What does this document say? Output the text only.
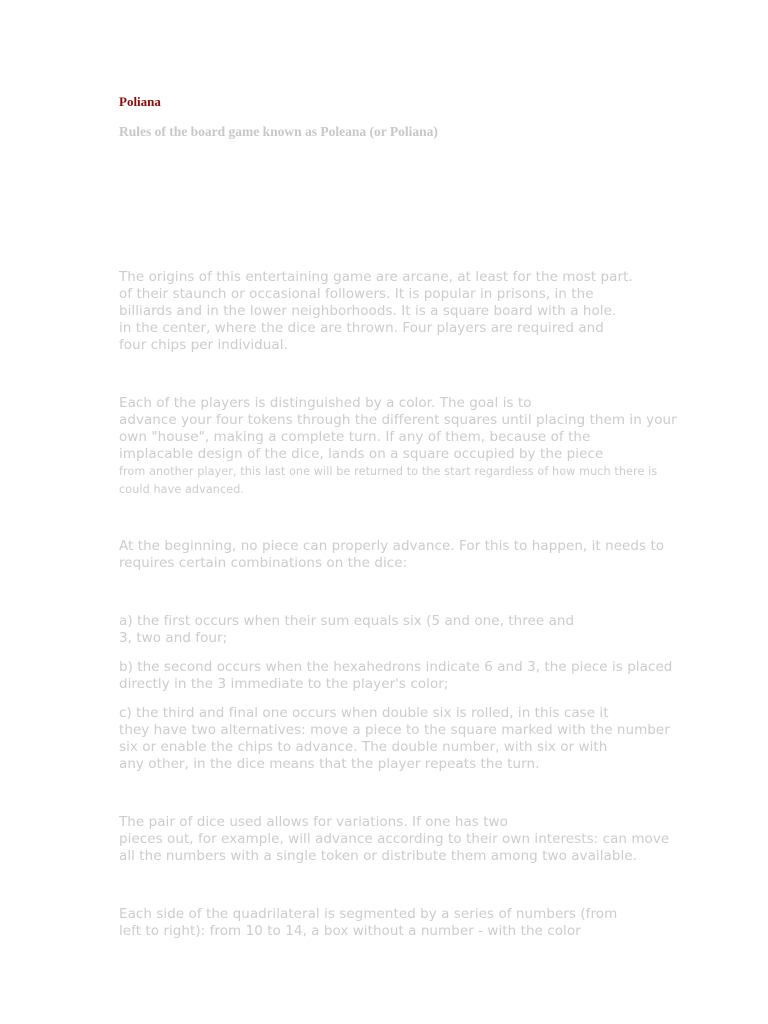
Poliana
Rules of the board game known as Poleana (or Poliana)

The origins of this entertaining game are arcane, at least for the most part.
of their staunch or occasional followers. It is popular in prisons, in the
billiards and in the lower neighborhoods. It is a square board with a hole.
in the center, where the dice are thrown. Four players are required and
four chips per individual.

Each of the players is distinguished by a color. The goal is to
advance your four tokens through the different squares until placing them in your
own "house", making a complete turn. If any of them, because of the
implacable design of the dice, lands on a square occupied by the piece
from another player, this last one will be returned to the start regardless of how much there is
could have advanced.

At the beginning, no piece can properly advance. For this to happen, it needs to
requires certain combinations on the dice:

a) the first occurs when their sum equals six (5 and one, three and
3, two and four;

b) the second occurs when the hexahedrons indicate 6 and 3, the piece is placed
directly in the 3 immediate to the player's color;

c) the third and final one occurs when double six is rolled, in this case it
they have two alternatives: move a piece to the square marked with the number
six or enable the chips to advance. The double number, with six or with
any other, in the dice means that the player repeats the turn.

The pair of dice used allows for variations. If one has two
pieces out, for example, will advance according to their own interests: can move
all the numbers with a single token or distribute them among two available.

Each side of the quadrilateral is segmented by a series of numbers (from
left to right): from 10 to 14, a box without a number - with the color
